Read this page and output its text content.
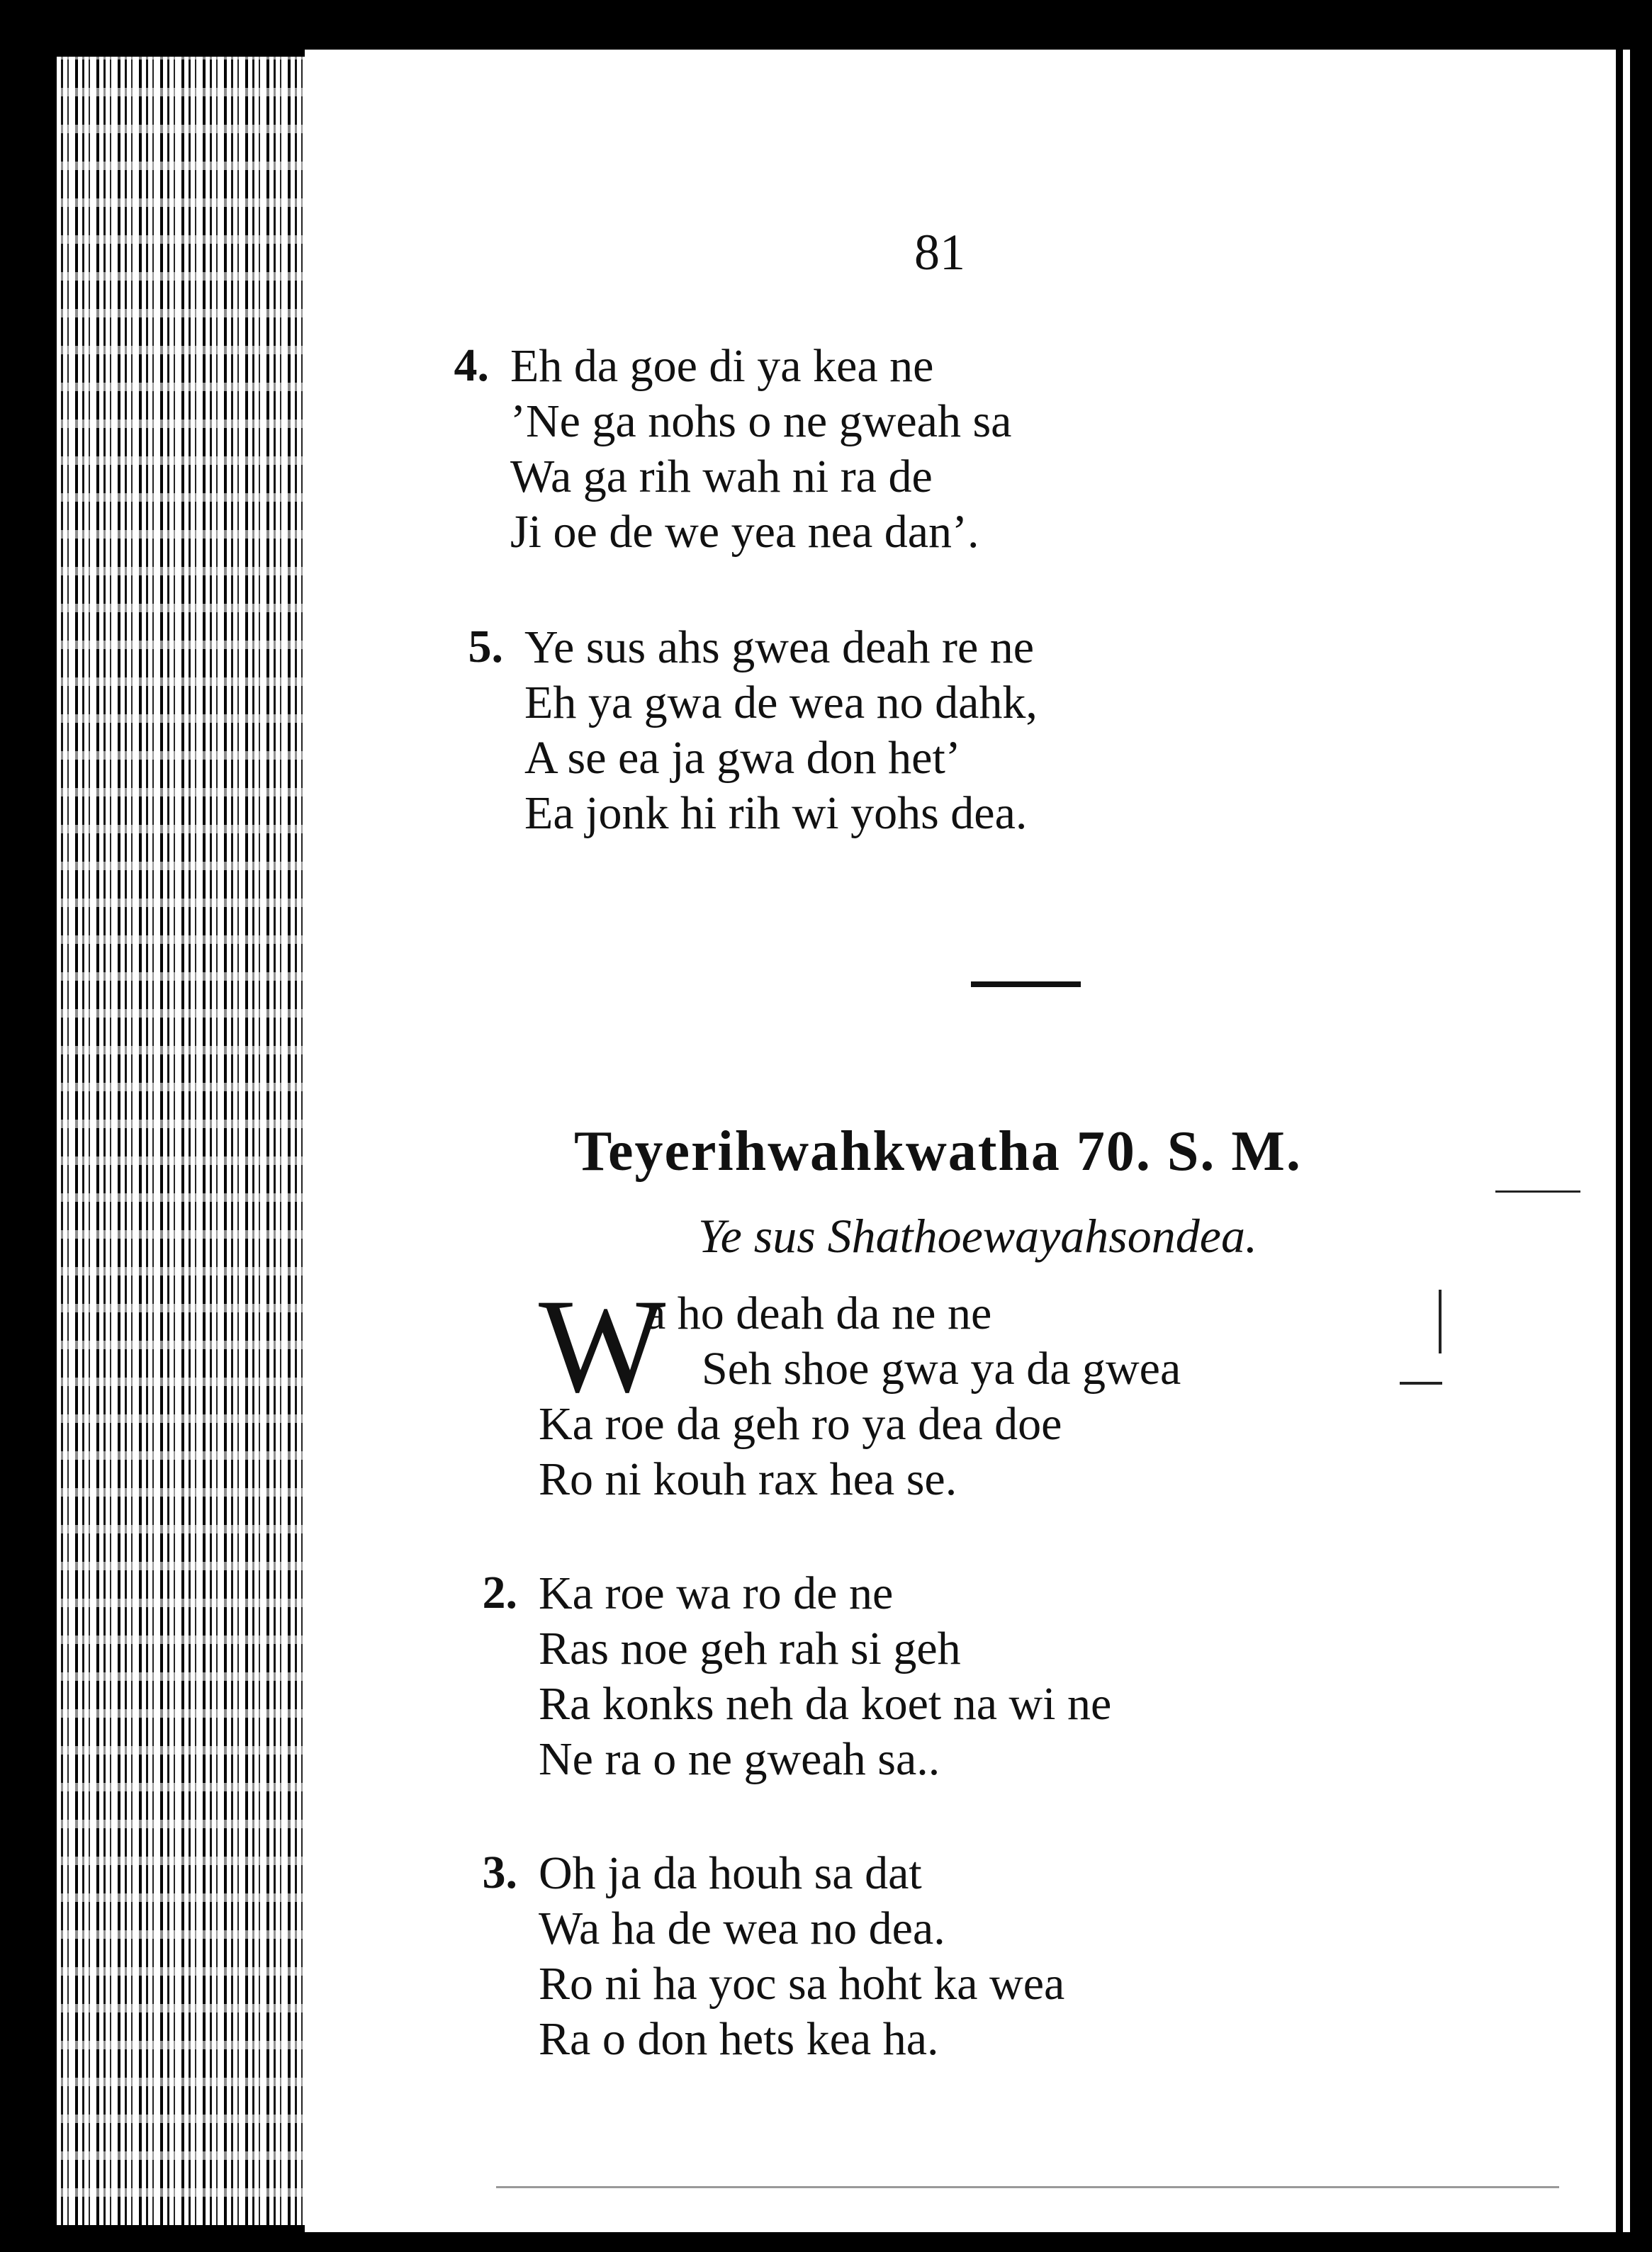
81
4. Eh da goe di ya kea ne
’Ne ga nohs o ne gweah sa
Wa ga rih wah ni ra de
Ji oe de we yea nea dan’.
5. Ye sus ahs gwea deah re ne
Eh ya gwa de wea no dahk,
A se ea ja gwa don het’
Ea jonk hi rih wi yohs dea.
Teyerihwahkwatha 70. S. M.
Ye sus Shathoewayahsondea.
W
a ho deah da ne ne
Seh shoe gwa ya da gwea
Ka roe da geh ro ya dea doe
Ro ni kouh rax hea se.
2. Ka roe wa ro de ne
Ras noe geh rah si geh
Ra konks neh da koet na wi ne
Ne ra o ne gweah sa..
3. Oh ja da houh sa dat
Wa ha de wea no dea.
Ro ni ha yoc sa hoht ka wea
Ra o don hets kea ha.
